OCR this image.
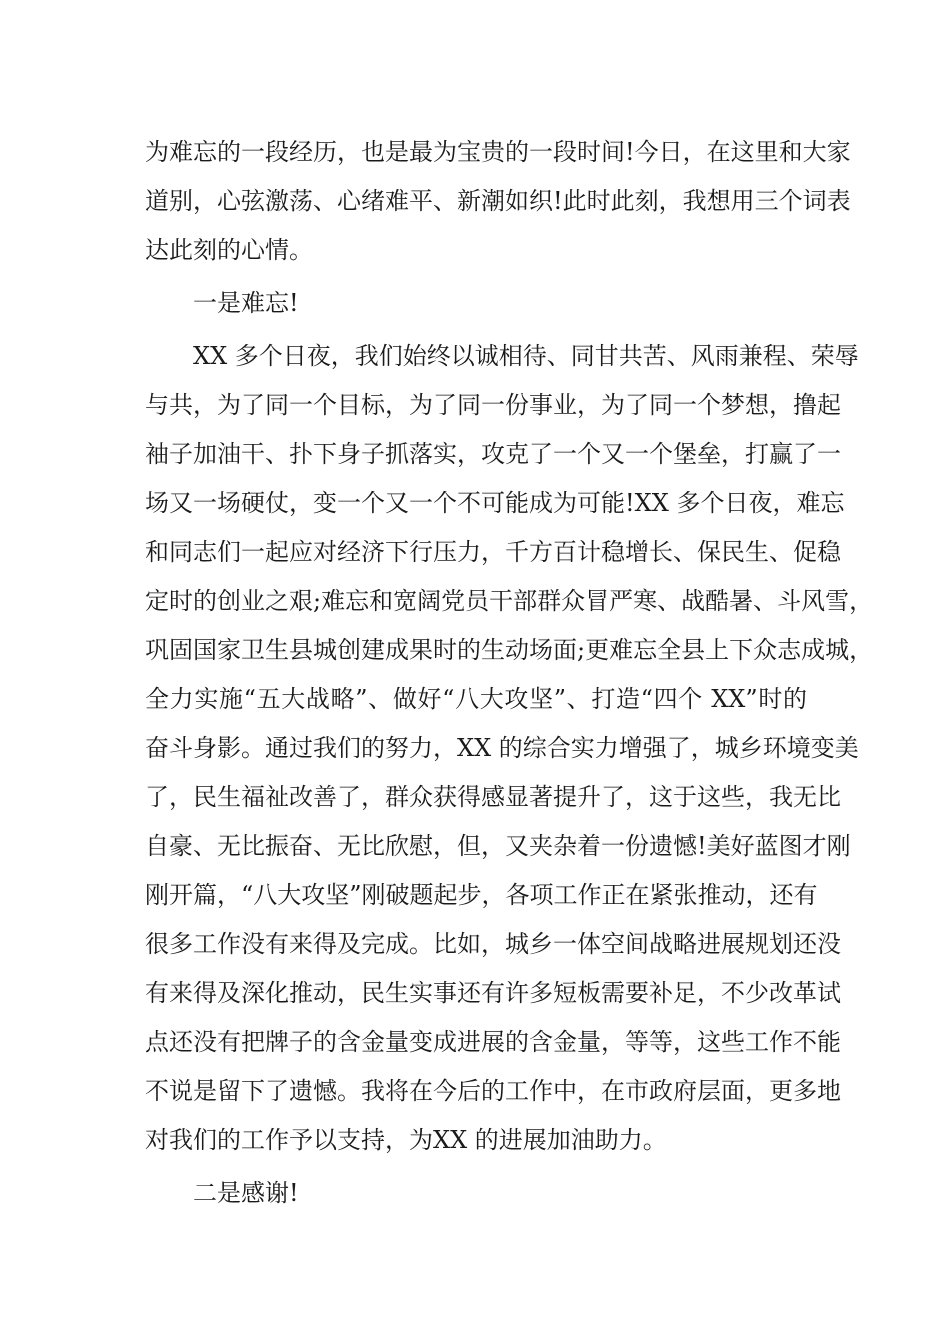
为难忘的一段经历，也是最为宝贵的一段时间!今日，在这里和大家
道别，心弦激荡、心绪难平、新潮如织!此时此刻，我想用三个词表
达此刻的心情。
一是难忘!
XX 多个日夜，我们始终以诚相待、同甘共苦、风雨兼程、荣辱
与共，为了同一个目标，为了同一份事业，为了同一个梦想，撸起
袖子加油干、扑下身子抓落实，攻克了一个又一个堡垒，打赢了一
场又一场硬仗，变一个又一个不可能成为可能!XX 多个日夜，难忘
和同志们一起应对经济下行压力，千方百计稳增长、保民生、促稳
定时的创业之艰;难忘和宽阔党员干部群众冒严寒、战酷暑、斗风雪，
巩固国家卫生县城创建成果时的生动场面;更难忘全县上下众志成城，
全力实施“五大战略”、做好“八大攻坚”、打造“四个 XX”时的
奋斗身影。通过我们的努力，XX 的综合实力增强了，城乡环境变美
了，民生福祉改善了，群众获得感显著提升了，这于这些，我无比
自豪、无比振奋、无比欣慰，但，又夹杂着一份遗憾!美好蓝图才刚
刚开篇，“八大攻坚”刚破题起步，各项工作正在紧张推动，还有
很多工作没有来得及完成。比如，城乡一体空间战略进展规划还没
有来得及深化推动，民生实事还有许多短板需要补足，不少改革试
点还没有把牌子的含金量变成进展的含金量，等等，这些工作不能
不说是留下了遗憾。我将在今后的工作中，在市政府层面，更多地
对我们的工作予以支持，为XX 的进展加油助力。
二是感谢!
